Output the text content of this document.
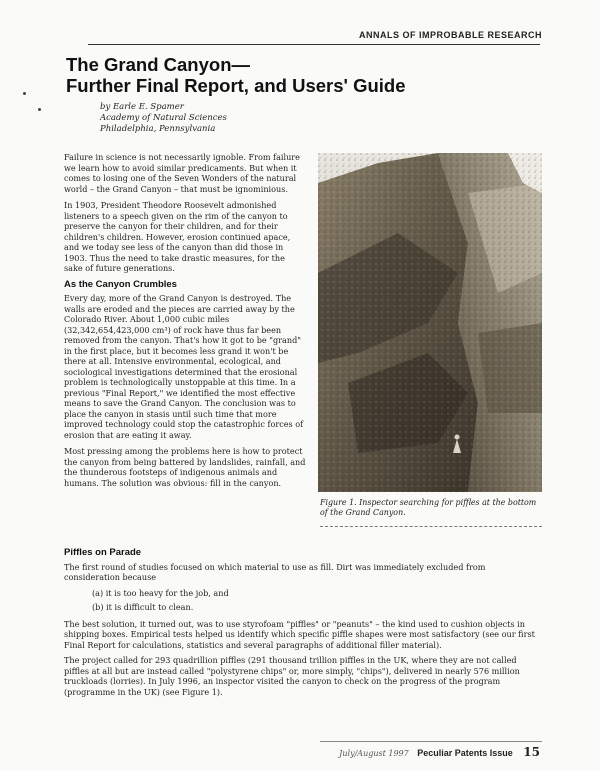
ANNALS OF IMPROBABLE RESEARCH
The Grand Canyon—
Further Final Report, and Users' Guide
by Earle E. Spamer
Academy of Natural Sciences
Philadelphia, Pennsylvania

Failure in science is not necessarily ignoble. From failure we learn how to avoid similar predicaments. But when it comes to losing one of the Seven Wonders of the natural world – the Grand Canyon – that must be ignominious.

In 1903, President Theodore Roosevelt admonished listeners to a speech given on the rim of the canyon to preserve the canyon for their children, and for their children's children. However, erosion continued apace, and we today see less of the canyon than did those in 1903. Thus the need to take drastic measures, for the sake of future generations.

As the Canyon Crumbles

Every day, more of the Grand Canyon is destroyed. The walls are eroded and the pieces are carried away by the Colorado River. About 1,000 cubic miles (32,342,654,423,000 cm³) of rock have thus far been removed from the canyon. That's how it got to be "grand" in the first place, but it becomes less grand it won't be there at all. Intensive environmental, ecological, and sociological investigations determined that the erosional problem is technologically unstoppable at this time. In a previous "Final Report," we identified the most effective means to save the Grand Canyon. The conclusion was to place the canyon in stasis until such time that more improved technology could stop the catastrophic forces of erosion that are eating it away.

Most pressing among the problems here is how to protect the canyon from being battered by landslides, rainfall, and the thunderous footsteps of indigenous animals and humans. The solution was obvious: fill in the canyon.

Figure 1. Inspector searching for piffles at the bottom of the Grand Canyon.
Piffles on Parade

The first round of studies focused on which material to use as fill. Dirt was immediately excluded from consideration because

(a) it is too heavy for the job, and
(b) it is difficult to clean.

The best solution, it turned out, was to use styrofoam "piffles" or "peanuts" – the kind used to cushion objects in shipping boxes. Empirical tests helped us identify which specific piffle shapes were most satisfactory (see our first Final Report for calculations, statistics and several paragraphs of additional filler material).

The project called for 293 quadrillion piffles (291 thousand trillion piffles in the UK, where they are not called piffles at all but are instead called "polystyrene chips" or, more simply, "chips"), delivered in nearly 576 million truckloads (lorries). In July 1996, an inspector visited the canyon to check on the progress of the program (programme in the UK) (see Figure 1).

July/August 1997 Peculiar Patents Issue 15
